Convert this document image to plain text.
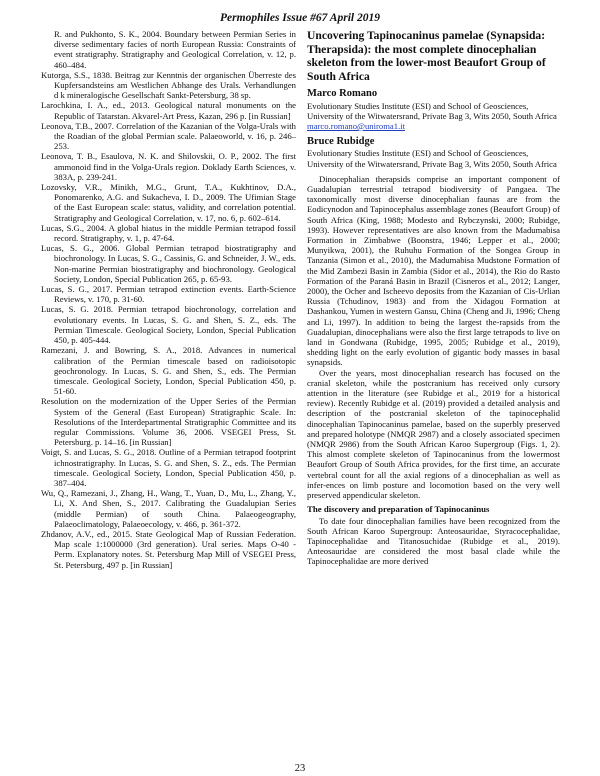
Permophiles Issue #67 April 2019

R. and Pukhonto, S. K., 2004. Boundary between Permian Series in diverse sedimentary facies of north European Russia: Constraints of event stratigraphy. Stratigraphy and Geological Correlation, v. 12, p. 460–484.

Kutorga, S.S., 1838. Beitrag zur Kenntnis der organischen Überreste des Kupfersandsteins am Westlichen Abhange des Urals. Verhandlungen d k mineralogische Gesellschaft Sankt-Petersburg, 38 sp.

Larochkina, I. A., ed., 2013. Geological natural monuments on the Republic of Tatarstan. Akvarel-Art Press, Kazan, 296 p. [in Russian]

Leonova, T.B., 2007. Correlation of the Kazanian of the Volga-Urals with the Roadian of the global Permian scale. Palaeoworld, v. 16, p. 246–253.

Leonova, T. B., Esaulova, N. K. and Shilovskii, O. P., 2002. The first ammonoid find in the Volga-Urals region. Doklady Earth Sciences, v. 383A, p. 239-241.

Lozovsky, V.R., Minikh, M.G., Grunt, T.A., Kukhtinov, D.A., Ponomarenko, A.G. and Sukacheva, I. D., 2009. The Ufimian Stage of the East European scale: status, validity, and correlation potential. Stratigraphy and Geological Correlation, v. 17, no. 6, p. 602–614.

Lucas, S.G., 2004. A global hiatus in the middle Permian tetrapod fossil record. Stratigraphy, v. 1, p. 47-64.

Lucas, S. G., 2006. Global Permian tetrapod biostratigraphy and biochronology. In Lucas, S. G., Cassinis, G. and Schneider, J. W., eds. Non-marine Permian biostratigraphy and biochronology. Geological Society, London, Special Publication 265, p. 65-93.

Lucas, S. G., 2017. Permian tetrapod extinction events. Earth-Science Reviews, v. 170, p. 31-60.

Lucas, S. G. 2018. Permian tetrapod biochronology, correlation and evolutionary events. In Lucas, S. G. and Shen, S. Z., eds. The Permian Timescale. Geological Society, London, Special Publication 450, p. 405-444.

Ramezani, J. and Bowring, S. A., 2018. Advances in numerical calibration of the Permian timescale based on radioisotopic geochronology. In Lucas, S. G. and Shen, S., eds. The Permian timescale. Geological Society, London, Special Publication 450, p. 51-60.

Resolution on the modernization of the Upper Series of the Permian System of the General (East European) Stratigraphic Scale. In: Resolutions of the Interdepartmental Stratigraphic Committee and its regular Commissions. Volume 36, 2006. VSEGEI Press, St. Petersburg. p. 14–16. [in Russian]

Voigt, S. and Lucas, S. G., 2018. Outline of a Permian tetrapod footprint ichnostratigraphy. In Lucas, S. G. and Shen, S. Z., eds. The Permian timescale. Geological Society, London, Special Publication 450, p. 387–404.

Wu, Q., Ramezani, J., Zhang, H., Wang, T., Yuan, D., Mu, L., Zhang, Y., Li, X. And Shen, S., 2017. Calibrating the Guadalupian Series (middle Permian) of south China. Palaeogeography, Palaeoclimatology, Palaeoecology, v. 466, p. 361-372.

Zhdanov, A.V., ed., 2015. State Geological Map of Russian Federation. Map scale 1:1000000 (3rd generation). Ural series. Maps O-40 - Perm. Explanatory notes. St. Petersburg Map Mill of VSEGEI Press, St. Petersburg, 497 p. [in Russian]

Uncovering Tapinocaninus pamelae (Synapsida: Therapsida): the most complete dinocephalian skeleton from the lower-most Beaufort Group of South Africa
Marco Romano

Evolutionary Studies Institute (ESI) and School of Geosciences, University of the Witwatersrand, Private Bag 3, Wits 2050, South Africa

marco.romano@uniroma1.it

Bruce Rubidge

Evolutionary Studies Institute (ESI) and School of Geosciences, University of the Witwatersrand, Private Bag 3, Wits 2050, South Africa

Dinocephalian therapsids comprise an important component of Guadalupian terrestrial tetrapod biodiversity of Pangaea. The taxonomically most diverse dinocephalian faunas are from the Eodicynodon and Tapinocephalus assemblage zones (Beaufort Group) of South Africa (King, 1988; Modesto and Rybczynski, 2000; Rubidge, 1993). However representatives are also known from the Madumabisa Formation in Zimbabwe (Boonstra, 1946; Lepper et al., 2000; Munyikwa, 2001), the Ruhuhu Formation of the Songea Group in Tanzania (Simon et al., 2010), the Madumabisa Mudstone Formation of the Mid Zambezi Basin in Zambia (Sidor et al., 2014), the Rio do Rasto Formation of the Paraná Basin in Brazil (Cisneros et al., 2012; Langer, 2000), the Ocher and Ischeevo deposits from the Kazanian of Cis-Urlian Russia (Tchudinov, 1983) and from the Xidagou Formation at Dashankou, Yumen in western Gansu, China (Cheng and Ji, 1996; Cheng and Li, 1997). In addition to being the largest the-rapsids from the Guadalupian, dinocephalians were also the first large tetrapods to live on land in Gondwana (Rubidge, 1995, 2005; Rubidge et al., 2019), shedding light on the early evolution of gigantic body masses in basal synapsids.

Over the years, most dinocephalian research has focused on the cranial skeleton, while the postcranium has received only cursory attention in the literature (see Rubidge et al., 2019 for a historical review). Recently Rubidge et al. (2019) provided a detailed analysis and description of the postcranial skeleton of the tapinocephalid dinocephalian Tapinocaninus pamelae, based on the superbly preserved and prepared holotype (NMQR 2987) and a closely associated specimen (NMQR 2986) from the South African Karoo Supergroup (Figs. 1, 2). This almost complete skeleton of Tapinocaninus from the lowermost Beaufort Group of South Africa provides, for the first time, an accurate vertebral count for all the axial regions of a dinocephalian as well as infer-ences on limb posture and locomotion based on the very well preserved appendicular skeleton.

The discovery and preparation of Tapinocaninus

To date four dinocephalian families have been recognized from the South African Karoo Supergroup: Anteosauridae, Styracocephalidae, Tapinocephalidae and Titanosuchidae (Rubidge et al., 2019). Anteosauridae are considered the most basal clade while the Tapinocephalidae are more derived

23
